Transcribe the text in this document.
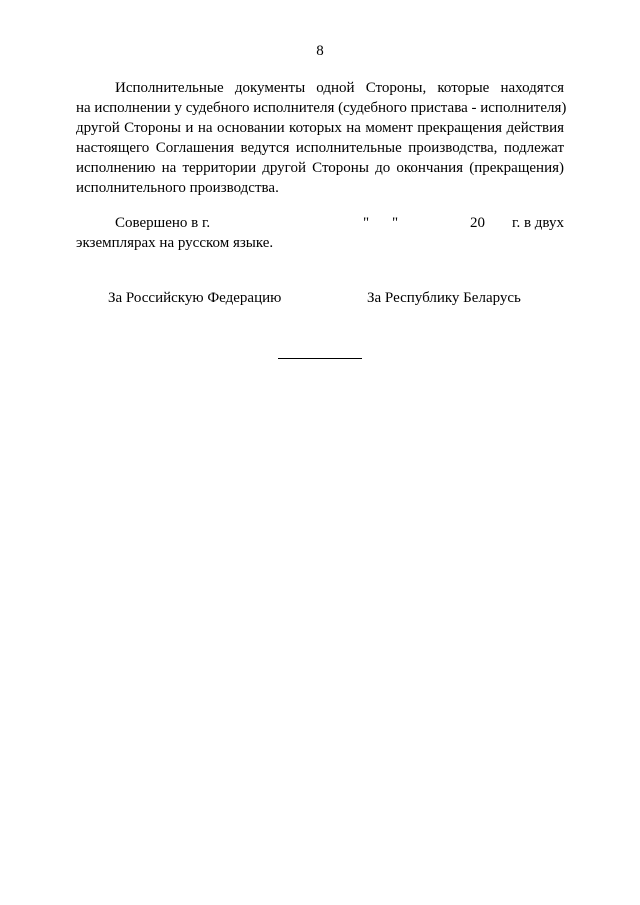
8
Исполнительные документы одной Стороны, которые находятся
на исполнении у судебного исполнителя (судебного пристава - исполнителя)
другой Стороны и на основании которых на момент прекращения действия
настоящего Соглашения ведутся исполнительные производства, подлежат
исполнению на территории другой Стороны до окончания (прекращения)
исполнительного производства.
Совершено в г.	" "	20 г. в двух
экземплярах на русском языке.
За Российскую Федерацию	За Республику Беларусь
